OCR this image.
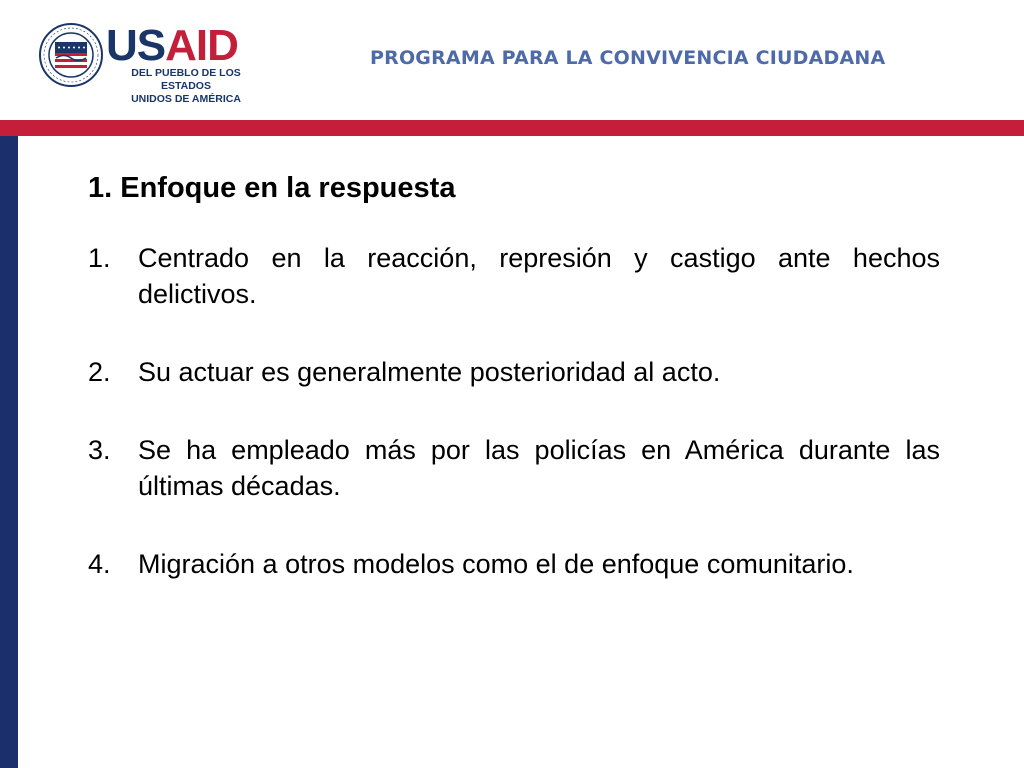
USAID
DEL PUEBLO DE LOS ESTADOS
UNIDOS DE AMÉRICA
PROGRAMA PARA LA CONVIVENCIA CIUDADANA
1. Enfoque en la respuesta
1. Centrado en la reacción, represión y castigo ante hechos delictivos.
2. Su actuar es generalmente posterioridad al acto.
3. Se ha empleado más por las policías en América durante las últimas décadas.
4. Migración a otros modelos como el de enfoque comunitario.
